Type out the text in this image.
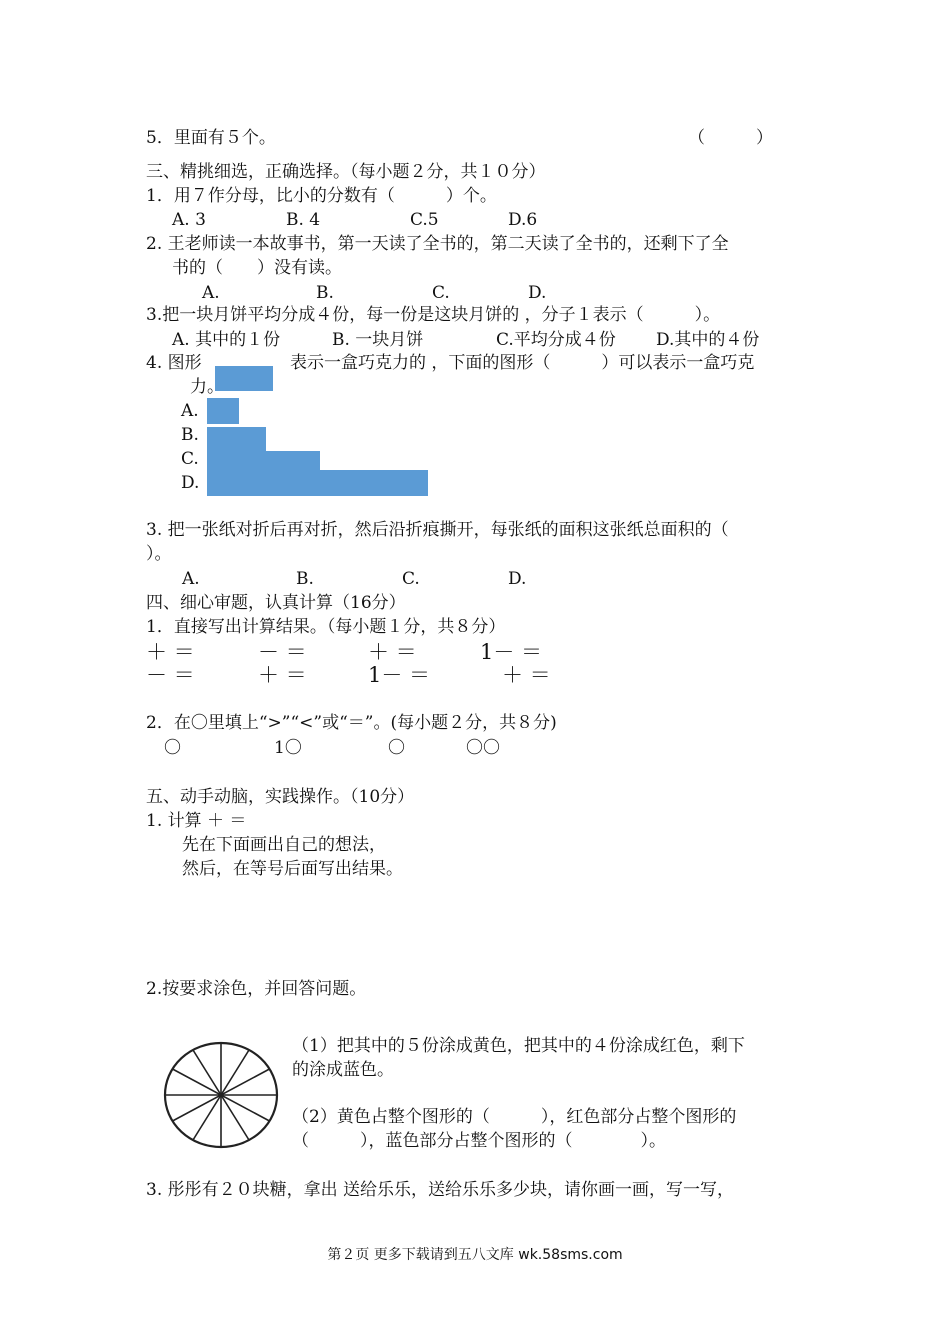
5．里面有５个。	（　　　）
三、精挑细选，正确选择。（每小题２分，共１０分）
1．用７作分母，比小的分数有（　　　）个。
A. 3	B. 4	C.5	D.6
2. 王老师读一本故事书，第一天读了全书的，第二天读了全书的，还剩下了全
书的（　　）没有读。
A.	B.	C.	D.
3.把一块月饼平均分成４份，每一份是这块月饼的 ，分子１表示（　　　）。
A. 其中的１份	B. 一块月饼	C.平均分成４份 D.其中的４份
4. 图形	表示一盒巧克力的 ，下面的图形（　　　）可以表示一盒巧克
力。
A.
B.
C.
D.
3. 把一张纸对折后再对折，然后沿折痕撕开，每张纸的面积这张纸总面积的（
）。
A.	B.	C.	D.
四、细心审题，认真计算（16分）
1．直接写出计算结果。（每小题１分，共８分）
＋ ＝	－ ＝	＋ ＝	1－ ＝
－ ＝	＋ ＝	1－ ＝	＋ ＝
2．在〇里填上“>”“<”或“＝”。(每小题２分，共８分)
〇	1〇	〇	〇〇
五、动手动脑，实践操作。（10分）
1. 计算 ＋ ＝
先在下面画出自己的想法，
然后，在等号后面写出结果。
2.按要求涂色，并回答问题。
（1）把其中的５份涂成黄色，把其中的４份涂成红色，剩下
的涂成蓝色。
（2）黄色占整个图形的（　　　），红色部分占整个图形的
（　　　），蓝色部分占整个图形的（　　　　）。
3. 彤彤有２０块糖，拿出 送给乐乐，送给乐乐多少块，请你画一画，写一写，
第２页 更多下载请到五八文库 wk.58sms.com
